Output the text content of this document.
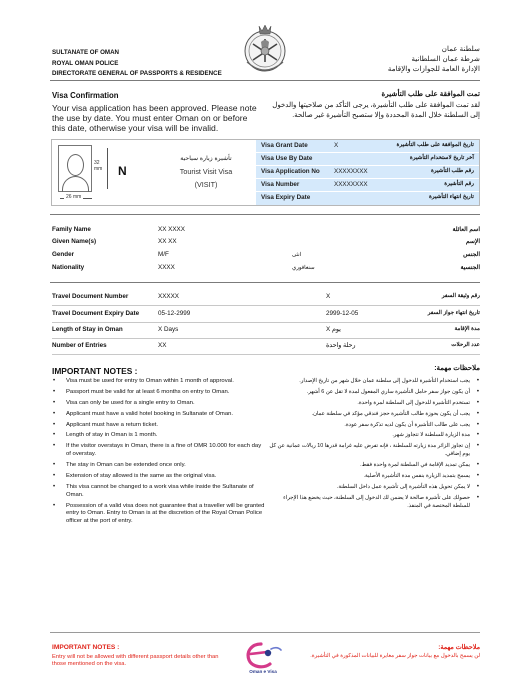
SULTANATE OF OMAN
ROYAL OMAN POLICE
DIRECTORATE GENERAL OF PASSPORTS & RESIDENCE
سلطنة عمان
شرطة عمان السلطانية
الإدارة العامة للجوازات والإقامة
Visa Confirmation	تمت الموافقة على طلب التأشيرة
Your visa application has been approved. Please note the use by date. You must enter Oman on or before this date, otherwise your visa will be invalid.
لقد تمت الموافقة على طلب التأشيرة، يرجى التأكد من صلاحيتها والدخول إلى السلطنة خلال المدة المحددة وإلا ستصبح التأشيرة غير صالحة.
32 mm
26 mm
N
تأشيرة زيارة سياحية
Tourist Visit Visa
(VISIT)
Visa Grant Date	X	تاريخ الموافقة على طلب التأشيرة
Visa Use By Date	آخر تاريخ لاستخدام التأشيرة
Visa Application No XXXXXXXX	رقم طلب التأشيرة
Visa Number	XXXXXXXX	رقم التأشيرة
Visa Expiry Date	تاريخ انتهاء التأشيرة
Family Name	XX XXXX	اسم العائلة
Given Name(s)	XX XX	الإسم
Gender	M/F	انثى	الجنس
Nationality	XXXX	سنغافوري	الجنسية
Travel Document Number	XXXXX	X	رقم وثيقة السفر
Travel Document Expiry Date	05-12-2999	2999-12-05	تاريخ انتهاء جواز السفر
Length of Stay in Oman	X Days	X يوم	مدة الإقامة
Number of Entries	XX	رحلة واحدة	عدد الرحلات
IMPORTANT NOTES :	ملاحظات مهمة:
• Visa must be used for entry to Oman within 1 month of approval.
• Passport must be valid for at least 6 months on entry to Oman.
• Visa can only be used for a single entry to Oman.
• Applicant must have a valid hotel booking in Sultanate of Oman.
• Applicant must have a return ticket.
• Length of stay in Oman is 1 month.
• If the visitor overstays in Oman, there is a fine of OMR 10.000 for each day of overstay.
• The stay in Oman can be extended once only.
• Extension of stay allowed is the same as the original visa.
• This visa cannot be changed to a work visa while inside the Sultanate of Oman.
• Possession of a valid visa does not guarantee that a traveller will be granted entry to Oman. Entry to Oman is at the discretion of the Royal Oman Police officer at the port of entry.
•
يجب استخدام التأشيرة للدخول إلى سلطنة عمان خلال شهر من تاريخ الإصدار.
•
أن يكون جواز سفر حامل التأشيرة ساري المفعول لمدة لا تقل عن 6 أشهر.
•
تستخدم التأشيرة للدخول إلى السلطنة لمرة واحدة.
•
يجب أن يكون بحوزة طالب التأشيرة حجز فندقي مؤكد في سلطنة عمان.
•
يجب على طالب التأشيرة أن يكون لديه تذكرة سفر عودة.
•
مدة الزيارة للسلطنة لا تتجاوز شهر.
•
إن تجاوز الزائر مدة زيارته للسلطنة ، فإنه تفرض عليه غرامة قدرها 10 ريالات عمانية عن كل يوم إضافي.
•
يمكن تمديد الإقامة في السلطنة لمرة واحدة فقط.
•
يسمح بتمديد الزيارة بنفس مدة التأشيرة الأصلية.
•
لا يمكن تحويل هذه التأشيرة إلى تأشيرة عمل داخل السلطنة.
•
حصولك على تأشيرة صالحة لا يضمن لك الدخول إلى السلطنة، حيث يخضع هذا الإجراء للسلطة المختصة في المنفذ.
IMPORTANT NOTES :
Entry will not be allowed with different passport details other than those mentioned on the visa.
Oman e Visa
ملاحظات مهمة:
لن يسمح بالدخول مع بيانات جواز سفر مغايرة للبيانات المذكورة في التأشيرة.
